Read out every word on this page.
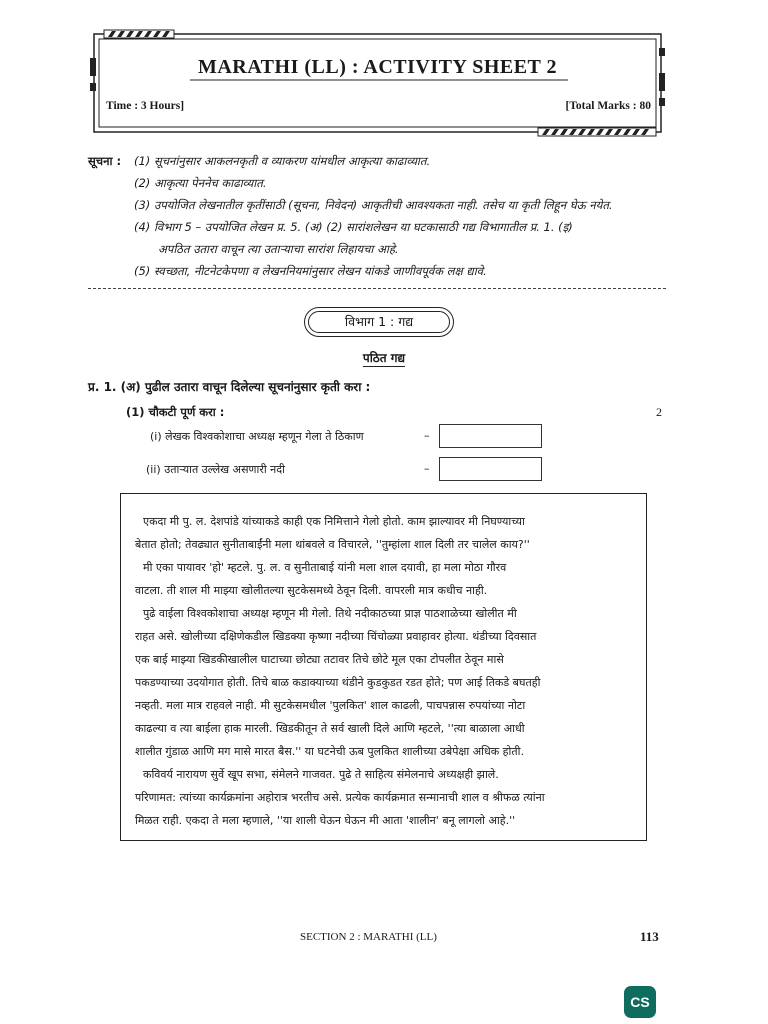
MARATHI (LL) : ACTIVITY SHEET 2
Time : 3 Hours]	[Total Marks : 80
सूचना : (1) सूचनांनुसार आकलनकृती व व्याकरण यांमधील आकृत्या काढाव्यात.
(2) आकृत्या पेननेच काढाव्यात.
(3) उपयोजित लेखनातील कृतींसाठी (सूचना, निवेदन) आकृतीची आवश्यकता नाही. तसेच या कृती लिहून घेऊ नयेत.
(4) विभाग 5 – उपयोजित लेखन प्र. 5. (अ) (2) सारांशलेखन या घटकासाठी गद्य विभागातील प्र. 1. (इ)
अपठित उतारा वाचून त्या उताऱ्याचा सारांश लिहायचा आहे.
(5) स्वच्छता, नीटनेटकेपणा व लेखननियमांनुसार लेखन यांकडे जाणीवपूर्वक लक्ष द्यावे.
विभाग 1 : गद्य
पठित गद्य
प्र. 1. (अ) पुढील उतारा वाचून दिलेल्या सूचनांनुसार कृती करा :
(1) चौकटी पूर्ण करा :	2
(i) लेखक विश्वकोशाचा अध्यक्ष म्हणून गेला ते ठिकाण	–
(ii) उताऱ्यात उल्लेख असणारी नदी	–
एकदा मी पु. ल. देशपांडे यांच्याकडे काही एक निमित्ताने गेलो होतो. काम झाल्यावर मी निघण्याच्या
बेतात होतो; तेवढ्यात सुनीताबाईंनी मला थांबवले व विचारले, ''तुम्हांला शाल दिली तर चालेल काय?''
मी एका पायावर 'हो' म्हटले. पु. ल. व सुनीताबाई यांनी मला शाल दयावी, हा मला मोठा गौरव
वाटला. ती शाल मी माझ्या खोलीतल्या सुटकेसमध्ये ठेवून दिली. वापरली मात्र कधीच नाही.
पुढे वाईला विश्वकोशाचा अध्यक्ष म्हणून मी गेलो. तिथे नदीकाठच्या प्राज्ञ पाठशाळेच्या खोलीत मी
राहत असे. खोलीच्या दक्षिणेकडील खिडक्या कृष्णा नदीच्या चिंचोळ्या प्रवाहावर होत्या. थंडीच्या दिवसात
एक बाई माझ्या खिडकीखालील घाटाच्या छोट्या तटावर तिचे छोटे मूल एका टोपलीत ठेवून मासे
पकडण्याच्या उदयोगात होती. तिचे बाळ कडाक्याच्या थंडीने कुडकुडत रडत होते; पण आई तिकडे बघतही
नव्हती. मला मात्र राहवले नाही. मी सुटकेसमधील 'पुलकित' शाल काढली, पाचपन्नास रुपयांच्या नोटा
काढल्या व त्या बाईला हाक मारली. खिडकीतून ते सर्व खाली दिले आणि म्हटले, ''त्या बाळाला आधी
शालीत गुंडाळ आणि मग मासे मारत बैस.'' या घटनेची ऊब पुलकित शालीच्या उबेपेक्षा अधिक होती.
कविवर्य नारायण सुर्वे खूप सभा, संमेलने गाजवत. पुढे ते साहित्य संमेलनाचे अध्यक्षही झाले.
परिणामत: त्यांच्या कार्यक्रमांना अहोरात्र भरतीच असे. प्रत्येक कार्यक्रमात सन्मानाची शाल व श्रीफळ त्यांना
मिळत राही. एकदा ते मला म्हणाले, ''या शाली घेऊन घेऊन मी आता 'शालीन' बनू लागलो आहे.''
SECTION 2 : MARATHI (LL)	113
CS
